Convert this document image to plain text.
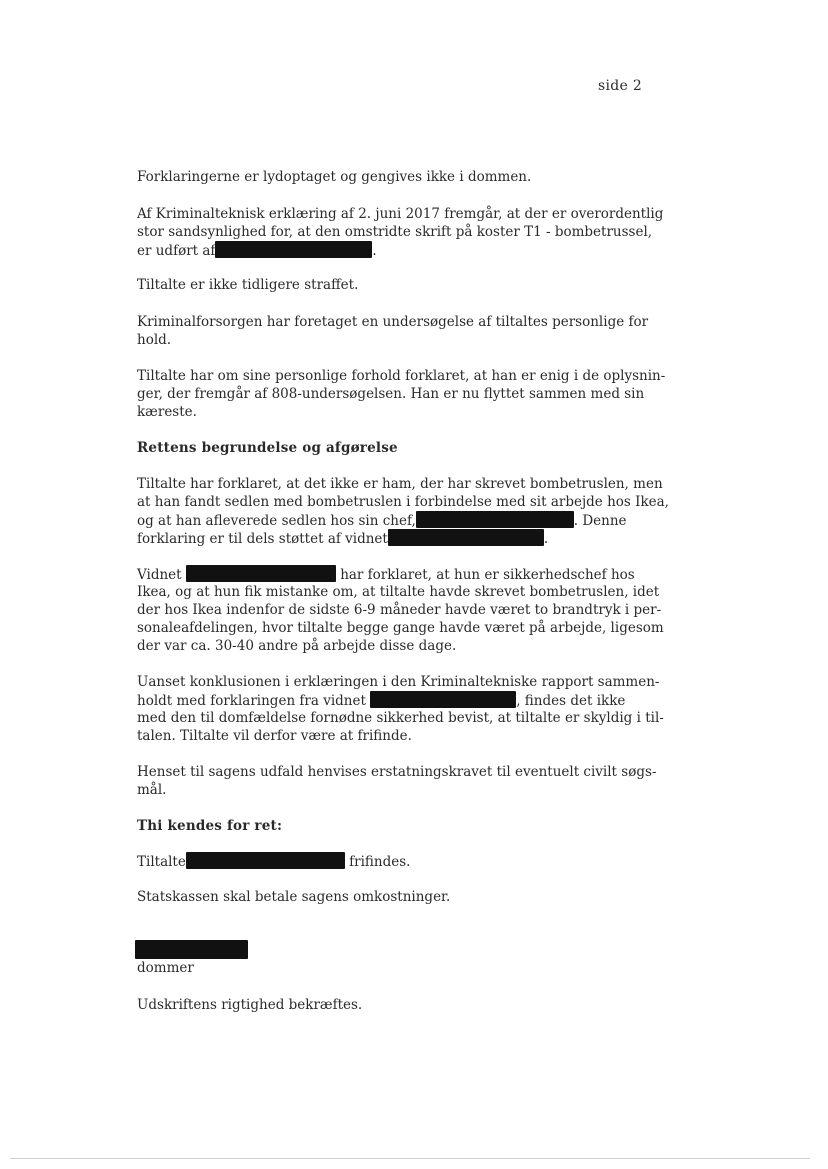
side 2
Forklaringerne er lydoptaget og gengives ikke i dommen.
Af Kriminalteknisk erklæring af 2. juni 2017 fremgår, at der er overordentlig
stor sandsynlighed for, at den omstridte skrift på koster T1 - bombetrussel,
er udført af	.
Tiltalte er ikke tidligere straffet.
Kriminalforsorgen har foretaget en undersøgelse af tiltaltes personlige for
hold.
Tiltalte har om sine personlige forhold forklaret, at han er enig i de oplysnin-
ger, der fremgår af 808-undersøgelsen. Han er nu flyttet sammen med sin
kæreste.
Rettens begrundelse og afgørelse
Tiltalte har forklaret, at det ikke er ham, der har skrevet bombetruslen, men
at han fandt sedlen med bombetruslen i forbindelse med sit arbejde hos Ikea,
og at han afleverede sedlen hos sin chef,	. Denne
forklaring er til dels støttet af vidnet	.
Vidnet	har forklaret, at hun er sikkerhedschef hos
Ikea, og at hun fik mistanke om, at tiltalte havde skrevet bombetruslen, idet
der hos Ikea indenfor de sidste 6-9 måneder havde været to brandtryk i per-
sonaleafdelingen, hvor tiltalte begge gange havde været på arbejde, ligesom
der var ca. 30-40 andre på arbejde disse dage.
Uanset konklusionen i erklæringen i den Kriminaltekniske rapport sammen-
holdt med forklaringen fra vidnet	, findes det ikke
med den til domfældelse fornødne sikkerhed bevist, at tiltalte er skyldig i til-
talen. Tiltalte vil derfor være at frifinde.
Henset til sagens udfald henvises erstatningskravet til eventuelt civilt søgs-
mål.
Thi kendes for ret:
Tiltalte	frifindes.
Statskassen skal betale sagens omkostninger.
dommer
Udskriftens rigtighed bekræftes.
